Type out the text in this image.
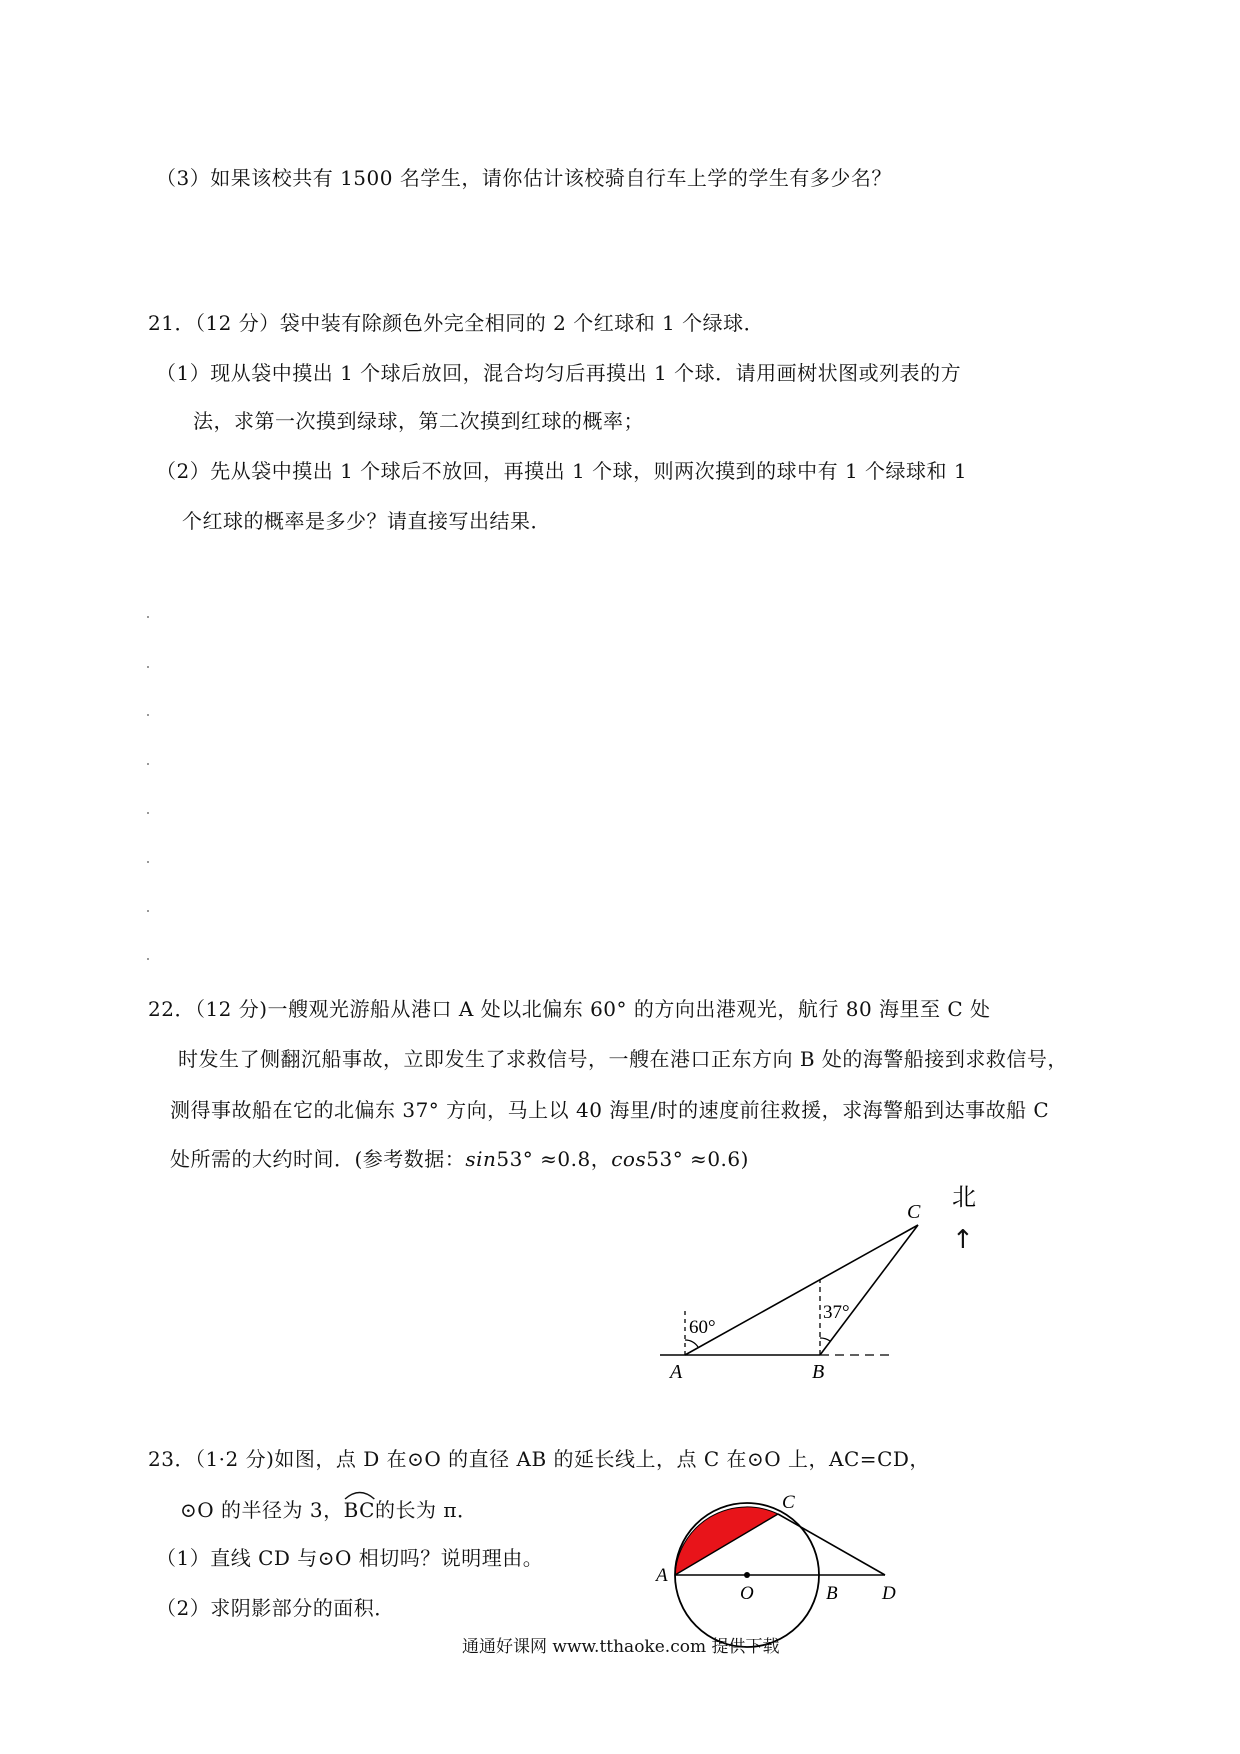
（3）如果该校共有 1500 名学生，请你估计该校骑自行车上学的学生有多少名？
21．（12 分）袋中装有除颜色外完全相同的 2 个红球和 1 个绿球．
（1）现从袋中摸出 1 个球后放回，混合均匀后再摸出 1 个球．请用画树状图或列表的方
法，求第一次摸到绿球，第二次摸到红球的概率；
（2）先从袋中摸出 1 个球后不放回，再摸出 1 个球，则两次摸到的球中有 1 个绿球和 1
个红球的概率是多少？请直接写出结果．
22．（12 分)一艘观光游船从港口 A 处以北偏东 60° 的方向出港观光，航行 80 海里至 C 处
时发生了侧翻沉船事故，立即发生了求救信号，一艘在港口正东方向 B 处的海警船接到求救信号，
测得事故船在它的北偏东 37° 方向，马上以 40 海里/时的速度前往救援，求海警船到达事故船 C
处所需的大约时间．(参考数据：sin53° ≈0.8，cos53° ≈0.6)
60°
37°
A	B
C
北
↑
23．（1·2 分)如图，点 D 在⊙O 的直径 AB 的延长线上，点 C 在⊙O 上，AC=CD，
⊙O 的半径为 3，
BC的长为 π．
（1）直线 CD 与⊙O 相切吗？说明理由。
（2）求阴影部分的面积．
A
O	B
C
D
通通好课网 www.tthaoke.com 提供下载
